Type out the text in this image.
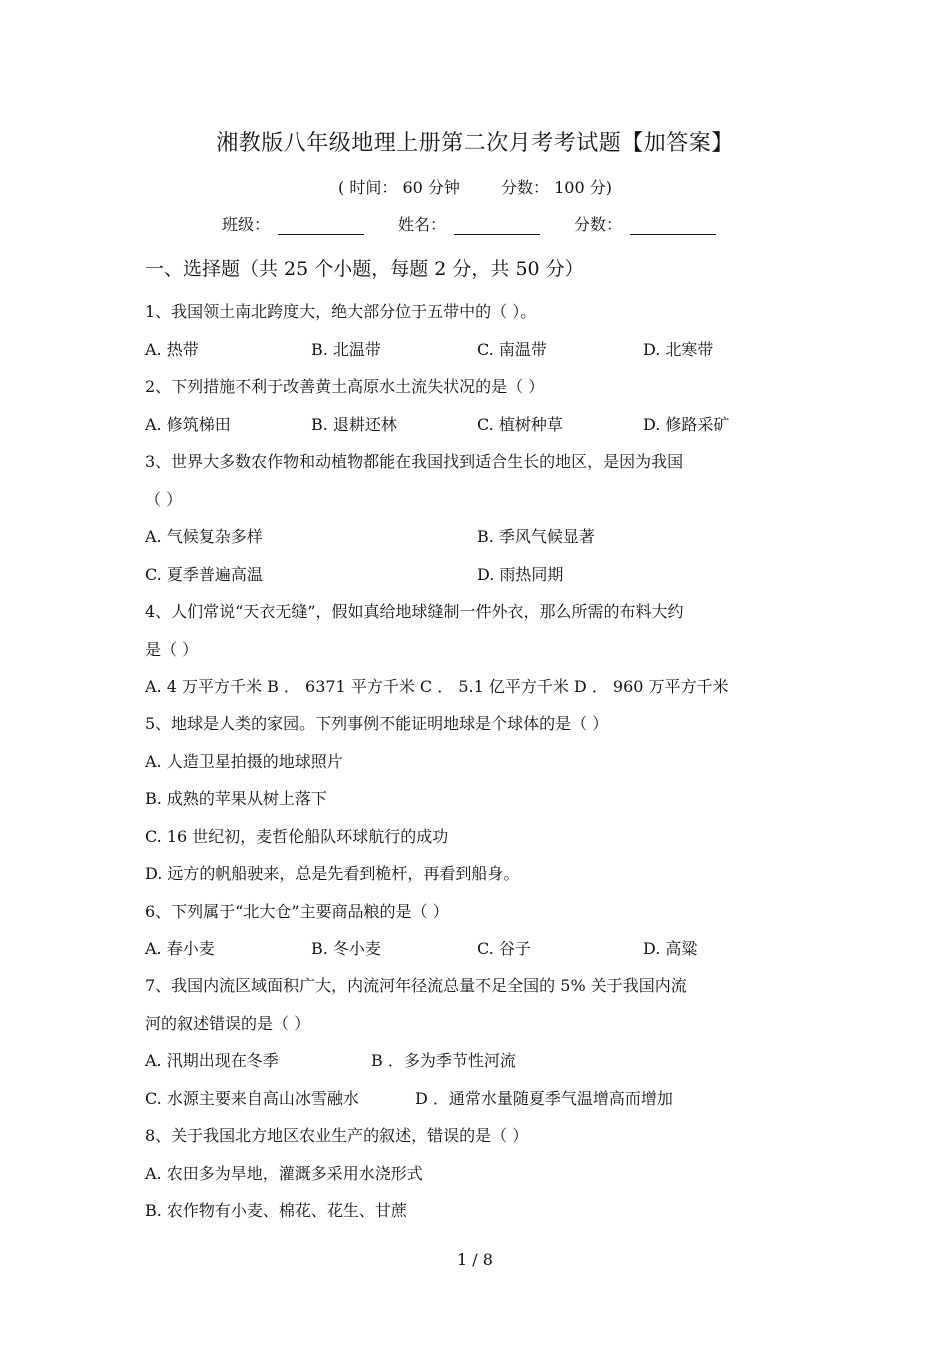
湘教版八年级地理上册第二次月考考试题【加答案】
( 时间： 60 分钟	分数： 100 分)
班级：	姓名：	分数：
一、选择题（共 25 个小题，每题 2 分，共 50 分）
1、我国领土南北跨度大，绝大部分位于五带中的（ ）。
A. 热带	B. 北温带	C. 南温带	D. 北寒带
2、下列措施不利于改善黄土高原水土流失状况的是（ ）
A. 修筑梯田	B. 退耕还林	C. 植树种草	D. 修路采矿
3、世界大多数农作物和动植物都能在我国找到适合生长的地区，是因为我国
（ ）
A. 气候复杂多样	B. 季风气候显著
C. 夏季普遍高温	D. 雨热同期
4、人们常说“天衣无缝”，假如真给地球缝制一件外衣，那么所需的布料大约
是（ ）
A. 4 万平方千米 B ． 6371 平方千米 C ． 5.1 亿平方千米 D ． 960 万平方千米
5、地球是人类的家园。下列事例不能证明地球是个球体的是（ ）
A. 人造卫星拍摄的地球照片
B. 成熟的苹果从树上落下
C. 16 世纪初，麦哲伦船队环球航行的成功
D. 远方的帆船驶来，总是先看到桅杆，再看到船身。
6、下列属于“北大仓”主要商品粮的是（ ）
A. 春小麦	B. 冬小麦	C. 谷子	D. 高粱
7、我国内流区域面积广大，内流河年径流总量不足全国的 5% 关于我国内流
河的叙述错误的是（ ）
A. 汛期出现在冬季	B ．多为季节性河流
C. 水源主要来自高山冰雪融水	D ．通常水量随夏季气温增高而增加
8、关于我国北方地区农业生产的叙述，错误的是（ ）
A. 农田多为旱地，灌溉多采用水浇形式
B. 农作物有小麦、棉花、花生、甘蔗
1 / 8
